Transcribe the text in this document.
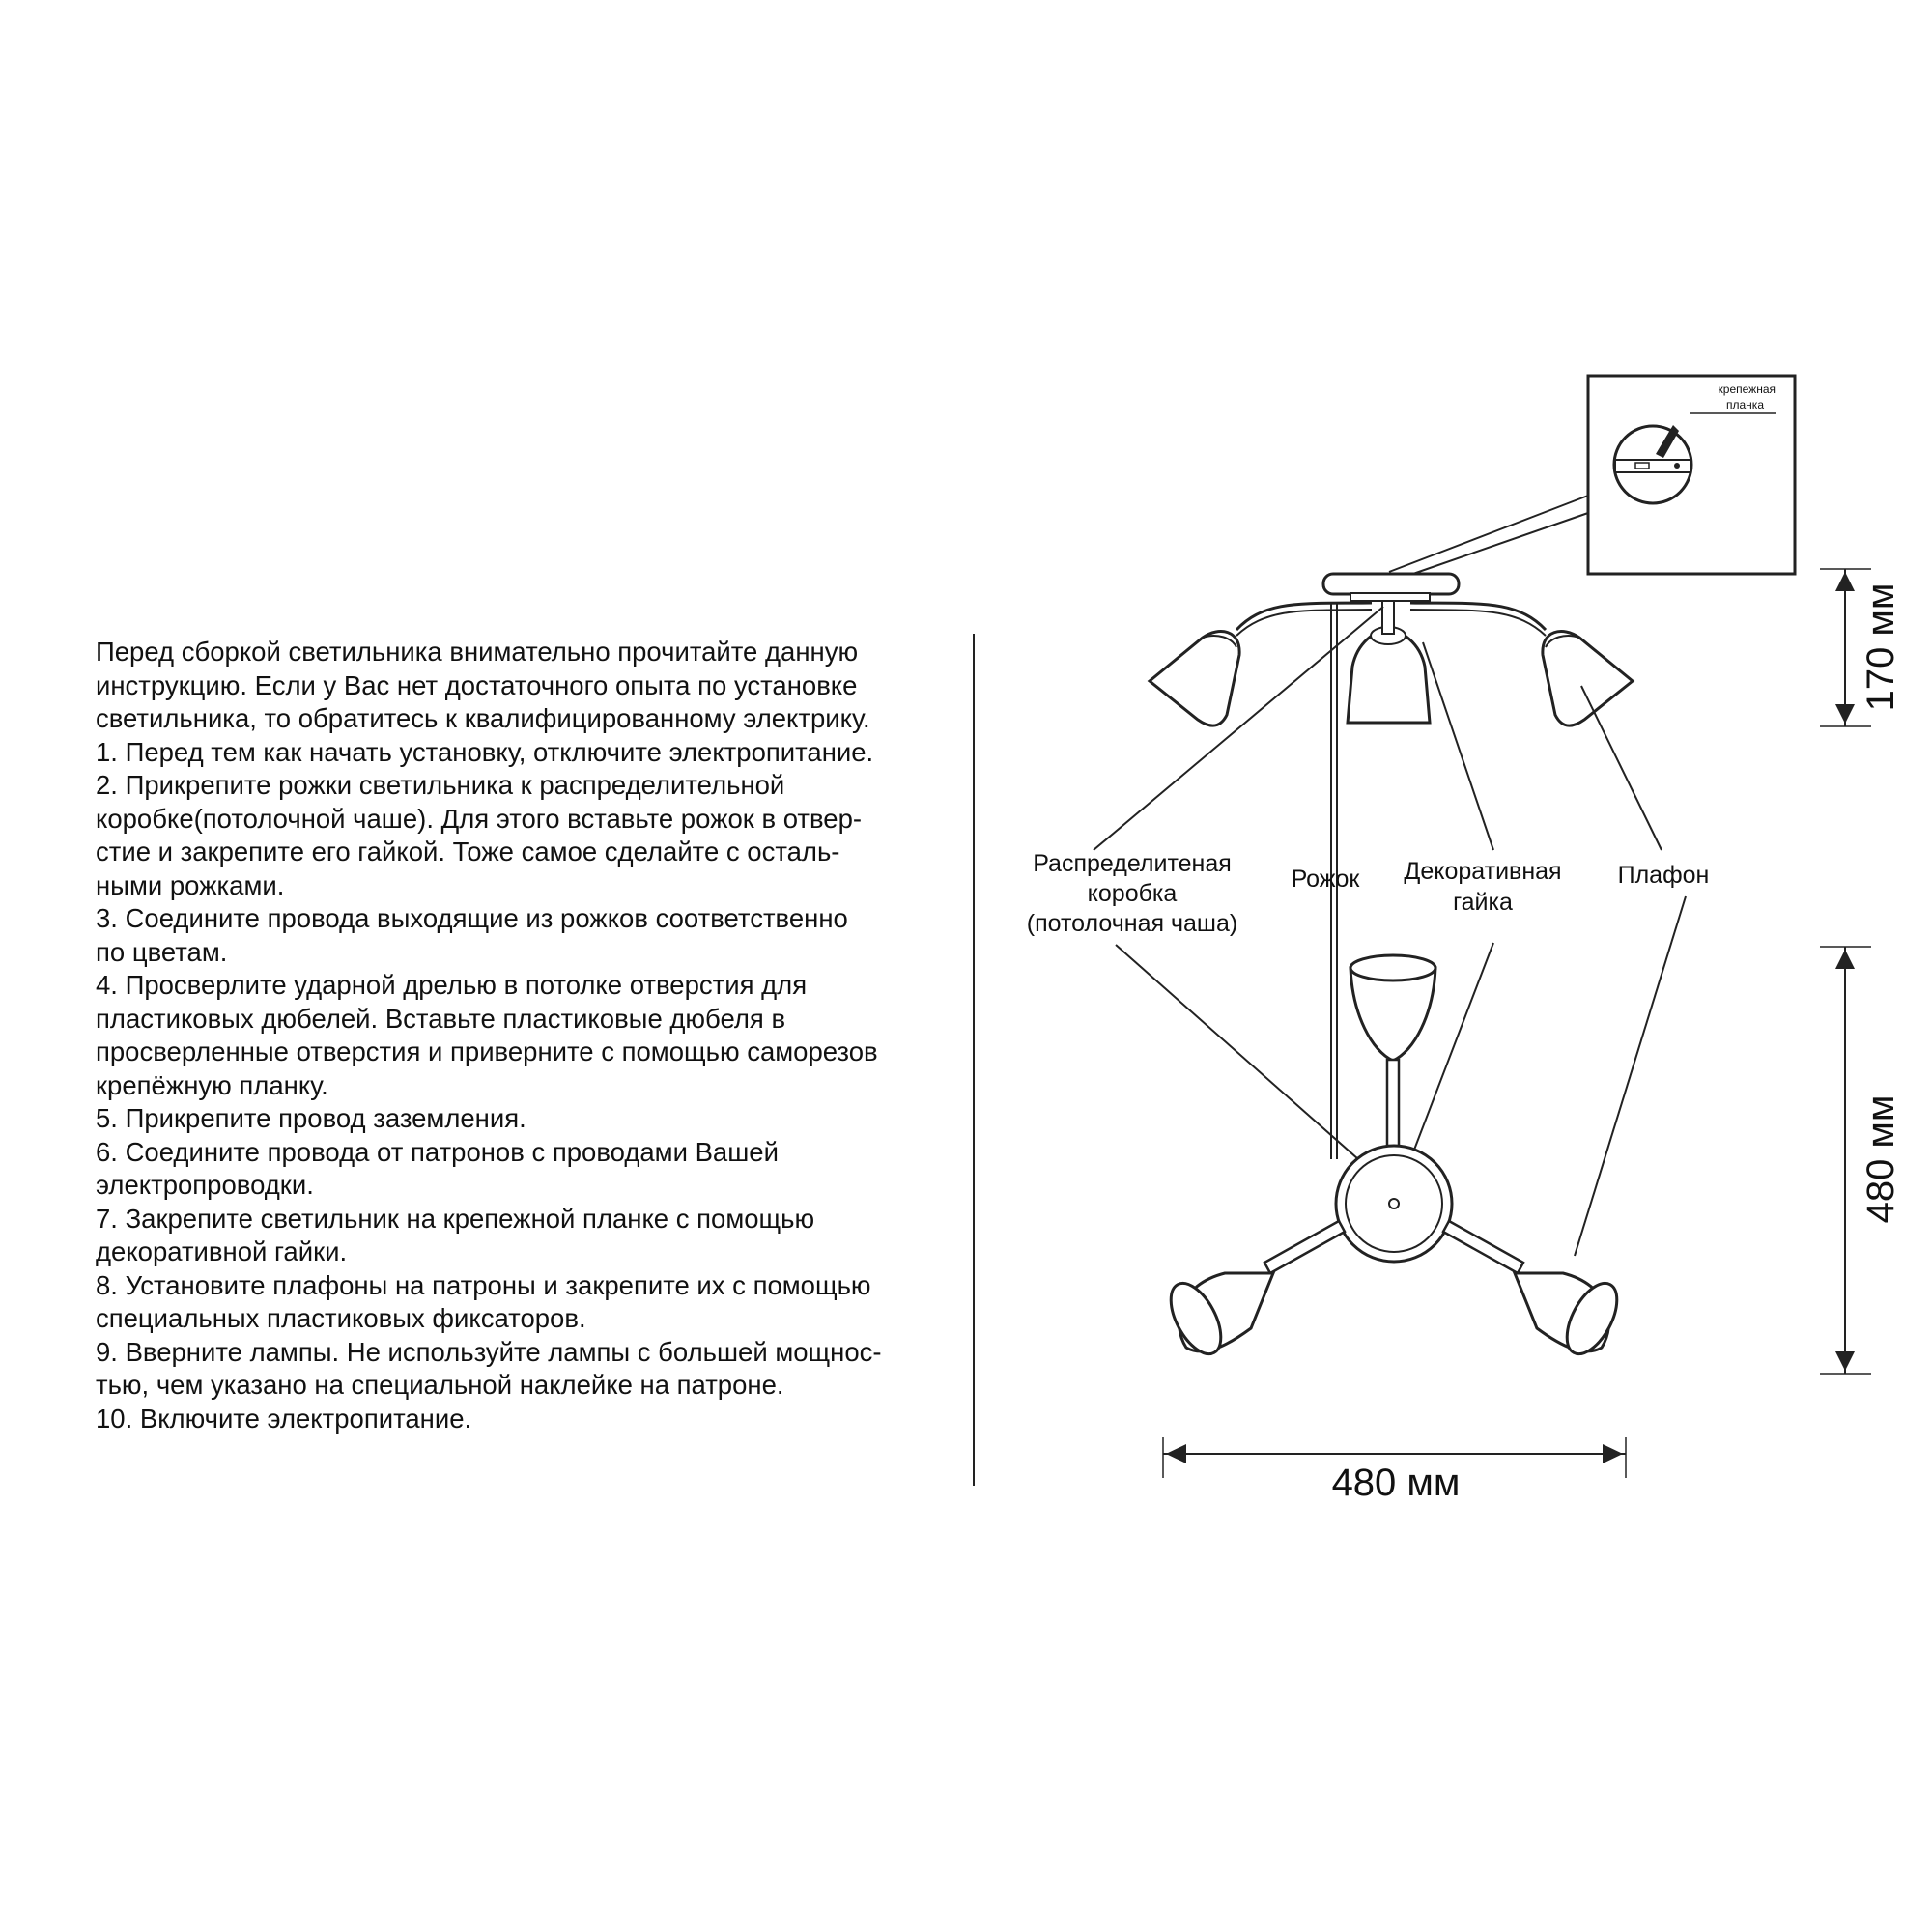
Перед сборкой светильника внимательно прочитайте данную
инструкцию. Если у Вас нет достаточного опыта по установке
светильника, то обратитесь к квалифицированному электрику.
1. Перед тем как начать установку, отключите электропитание.
2. Прикрепите рожки светильника к распределительной
коробке(потолочной чаше). Для этого вставьте рожок в отвер-
стие и закрепите его гайкой. Тоже самое сделайте с осталь-
ными рожками.
3. Соедините провода выходящие из рожков соответственно
по цветам.
4. Просверлите ударной дрелью в потолке отверстия для
пластиковых дюбелей. Вставьте пластиковые дюбеля в
просверленные отверстия и приверните с помощью саморезов
крепёжную планку.
5. Прикрепите провод заземления.
6. Соедините провода от патронов с проводами Вашей
электропроводки.
7. Закрепите светильник на крепежной планке с помощью
декоративной гайки.
8. Установите плафоны на патроны и закрепите их с помощью
специальных пластиковых фиксаторов.
9. Вверните лампы. Не используйте лампы с большей мощнос-
тью, чем указано на специальной наклейке на патроне.
10. Включите электропитание.
крепежная
планка
Распределитеная
коробка
(потолочная чаша)
Рожок Декоративная
гайка
Плафон
170 мм
480 мм
480 мм
